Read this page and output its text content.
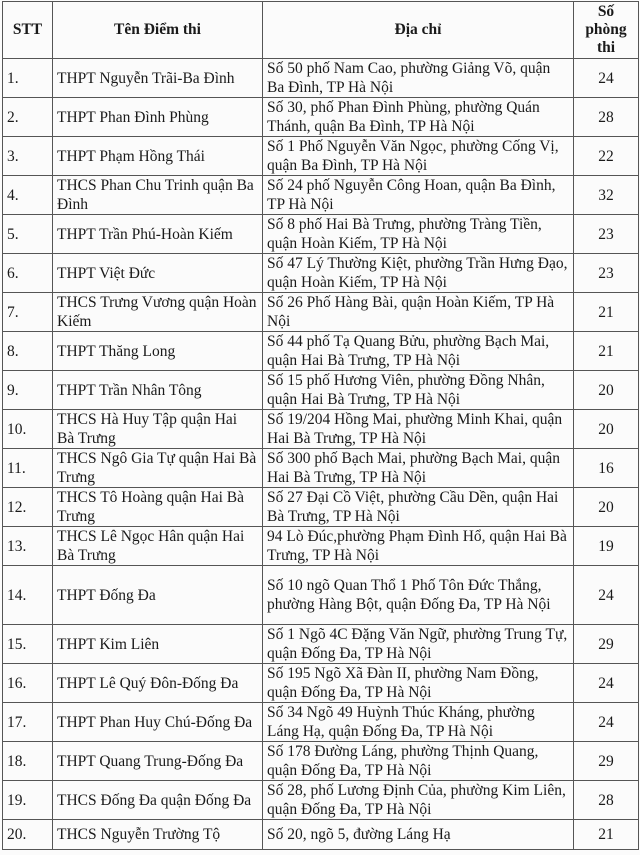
STT	Tên Điểm thi	Địa chỉ	Số phòng thi
1.	THPT Nguyễn Trãi-Ba Đình	Số 50 phố Nam Cao, phường Giảng Võ, quận Ba Đình, TP Hà Nội	24
2.	THPT Phan Đình Phùng	Số 30, phố Phan Đình Phùng, phường Quán Thánh, quận Ba Đình, TP Hà Nội	28
3.	THPT Phạm Hồng Thái	Số 1 Phố Nguyễn Văn Ngọc, phường Cống Vị, quận Ba Đình, TP Hà Nội	22
4.	THCS Phan Chu Trinh quận Ba Đình	Số 24 phố Nguyễn Công Hoan, quận Ba Đình, TP Hà Nội	32
5.	THPT Trần Phú-Hoàn Kiếm	Số 8 phố Hai Bà Trưng, phường Tràng Tiền, quận Hoàn Kiếm, TP Hà Nội	23
6.	THPT Việt Đức	Số 47 Lý Thường Kiệt, phường Trần Hưng Đạo, quận Hoàn Kiếm, TP Hà Nội	23
7.	THCS Trưng Vương quận Hoàn Kiếm	Số 26 Phố Hàng Bài, quận Hoàn Kiếm, TP Hà Nội	21
8.	THPT Thăng Long	Số 44 phố Tạ Quang Bửu, phường Bạch Mai, quận Hai Bà Trưng, TP Hà Nội	21
9.	THPT Trần Nhân Tông	Số 15 phố Hương Viên, phường Đồng Nhân, quận Hai Bà Trưng, TP Hà Nội	20
10.	THCS Hà Huy Tập quận Hai Bà Trưng	Số 19/204 Hồng Mai, phường Minh Khai, quận Hai Bà Trưng, TP Hà Nội	20
11.	THCS Ngô Gia Tự quận Hai Bà Trưng	Số 300 phố Bạch Mai, phường Bạch Mai, quận Hai Bà Trưng, TP Hà Nội	16
12.	THCS Tô Hoàng quận Hai Bà Trưng	Số 27 Đại Cồ Việt, phường Cầu Dền, quận Hai Bà Trưng, TP Hà Nội	20
13.	THCS Lê Ngọc Hân quận Hai Bà Trưng	94 Lò Đúc,phường Phạm Đình Hổ, quận Hai Bà Trưng, TP Hà Nội	19
14.	THPT Đống Đa	Số 10 ngõ Quan Thổ 1 Phố Tôn Đức Thắng, phường Hàng Bột, quận Đống Đa, TP Hà Nội	24
15.	THPT Kim Liên	Số 1 Ngõ 4C Đặng Văn Ngữ, phường Trung Tự, quận Đống Đa, TP Hà Nội	29
16.	THPT Lê Quý Đôn-Đống Đa	Số 195 Ngõ Xã Đàn II, phường Nam Đồng, quận Đống Đa, TP Hà Nội	24
17.	THPT Phan Huy Chú-Đống Đa	Số 34 Ngõ 49 Huỳnh Thúc Kháng, phường Láng Hạ, quận Đống Đa, TP Hà Nội	24
18.	THPT Quang Trung-Đống Đa	Số 178 Đường Láng, phường Thịnh Quang, quận Đống Đa, TP Hà Nội	29
19.	THCS Đống Đa quận Đống Đa	Số 28, phố Lương Định Của, phường Kim Liên, quận Đống Đa, TP Hà Nội	28
20.	THCS Nguyễn Trường Tộ	Số 20, ngõ 5, đường Láng Hạ	21
